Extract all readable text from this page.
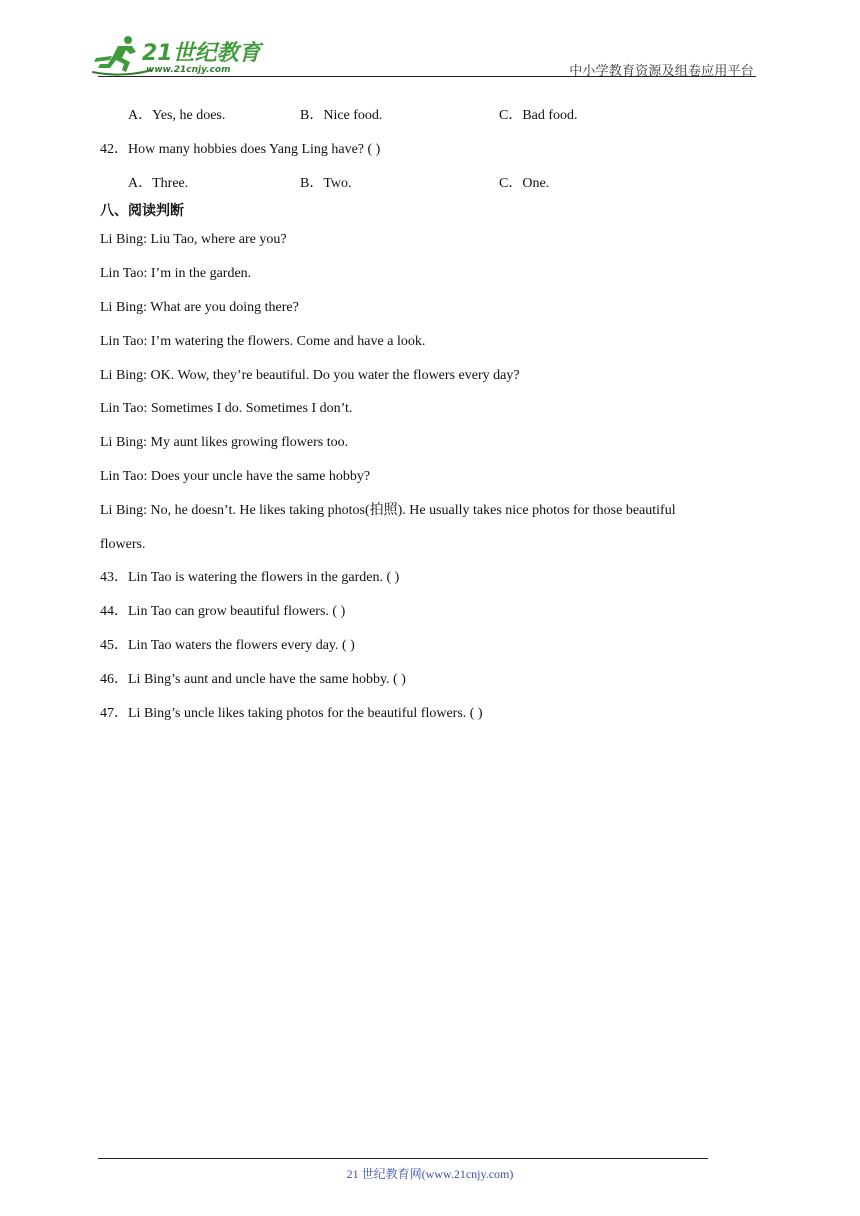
21世纪教育
www.21cnjy.com	中小学教育资源及组卷应用平台
A．Yes, he does.	B．Nice food.	C．Bad food.
42．How many hobbies does Yang Ling have? ( )
A．Three.	B．Two.	C．One.
八、阅读判断
Li Bing: Liu Tao, where are you?
Lin Tao: I’m in the garden.
Li Bing: What are you doing there?
Lin Tao: I’m watering the flowers. Come and have a look.
Li Bing: OK. Wow, they’re beautiful. Do you water the flowers every day?
Lin Tao: Sometimes I do. Sometimes I don’t.
Li Bing: My aunt likes growing flowers too.
Lin Tao: Does your uncle have the same hobby?
Li Bing: No, he doesn’t. He likes taking photos(拍照). He usually takes nice photos for those beautiful
flowers.
43．Lin Tao is watering the flowers in the garden. ( )
44．Lin Tao can grow beautiful flowers. ( )
45．Lin Tao waters the flowers every day. ( )
46．Li Bing’s aunt and uncle have the same hobby. ( )
47．Li Bing’s uncle likes taking photos for the beautiful flowers. ( )
21 世纪教育网(www.21cnjy.com)
